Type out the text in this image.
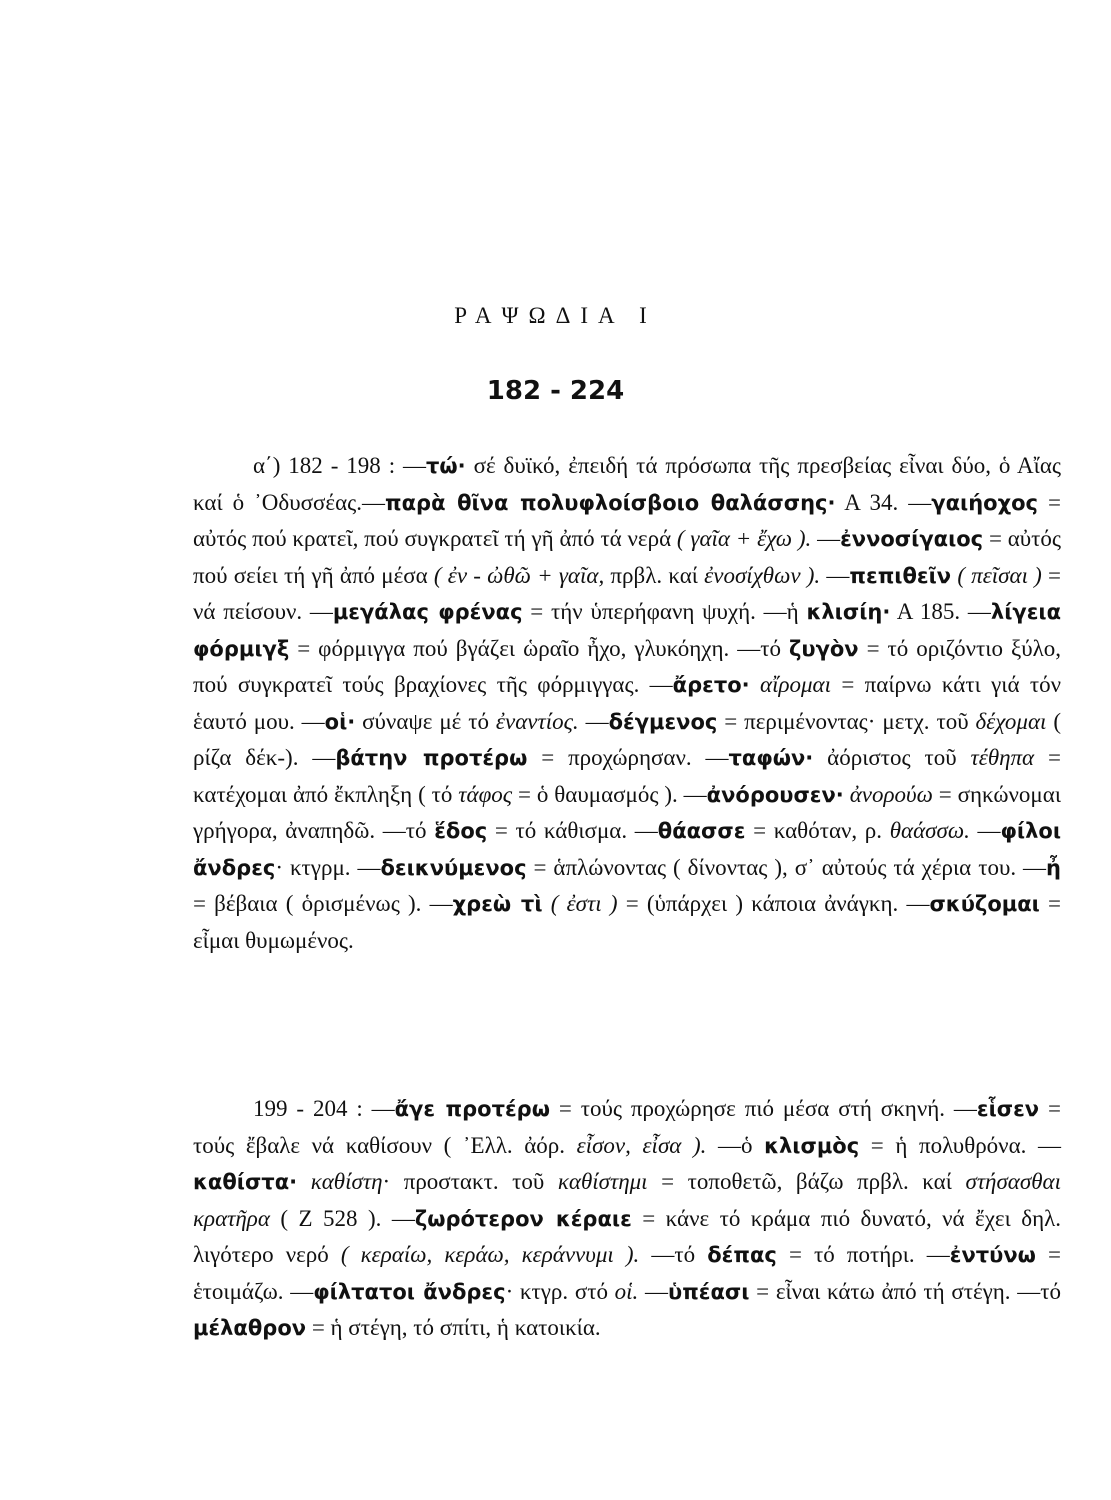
ΡΑΨΩΔΙΑ Ι
182 - 224
α΄) 182 - 198 : —τώ· σέ δυϊκό, ἐπειδή τά πρόσωπα τῆς πρεσβείας εἶναι δύο, ὁ Αἴας καί ὁ ᾿Οδυσσέας.—παρὰ θῖνα πολυφλοίσβοιο θαλάσσης· Α 34. —γαιήοχος = αὐτός πού κρατεῖ, πού συγκρατεῖ τή γῆ ἀπό τά νερά ( γαῖα + ἔχω ). —ἐννοσίγαιος = αὐτός πού σείει τή γῆ ἀπό μέσα ( ἐν - ὠθῶ + γαῖα, πρβλ. καί ἐνοσίχθων ). —πεπιθεῖν ( πεῖσαι ) = νά πείσουν. —μεγάλας φρένας = τήν ὑπερήφανη ψυχή. —ἡ κλισίη· Α 185. —λίγεια φόρμιγξ = φόρμιγγα πού βγάζει ὡραῖο ἦχο, γλυκόηχη. —τό ζυγὸν = τό οριζόντιο ξύλο, πού συγκρατεῖ τούς βραχίονες τῆς φόρμιγγας. —ἄρετο· αἴρομαι = παίρνω κάτι γιά τόν ἑαυτό μου. —οἱ· σύναψε μέ τό ἐναντίος. —δέγμενος = περιμένοντας· μετχ. τοῦ δέχομαι ( ρίζα δέκ-). —βάτην προτέρω = προχώρησαν. —ταφών· ἀόριστος τοῦ τέθηπα = κατέχομαι ἀπό ἔκπληξη ( τό τάφος = ὁ θαυμασμός ). —ἀνόρουσεν· ἀνορούω = σηκώνομαι γρήγορα, ἀναπηδῶ. —τό ἕδος = τό κάθισμα. —θάασσε = καθόταν, ρ. θαάσσω. —φίλοι ἄνδρες· κτγρμ. —δεικνύμενος = ἁπλώνοντας ( δίνοντας ), σ᾿ αὐτούς τά χέρια του. —ἦ = βέβαια ( ὁρισμένως ). —χρεὼ τὶ ( ἐστι ) = (ὑπάρχει ) κάποια ἀνάγκη. —σκύζομαι = εἶμαι θυμωμένος.
199 - 204 : —ἄγε προτέρω = τούς προχώρησε πιό μέσα στή σκηνή. —εἷσεν = τούς ἔβαλε νά καθίσουν ( ᾿Ελλ. ἀόρ. εἶσον, εἶσα ). —ὁ κλισμὸς = ἡ πολυθρόνα. —καθίστα· καθίστη· προστακτ. τοῦ καθίστημι = τοποθετῶ, βάζω πρβλ. καί στήσασθαι κρατῆρα ( Ζ 528 ). —ζωρότερον κέραιε = κάνε τό κράμα πιό δυνατό, νά ἔχει δηλ. λιγότερο νερό ( κεραίω, κεράω, κεράννυμι ). —τό δέπας = τό ποτήρι. —ἐντύνω = ἑτοιμάζω. —φίλτατοι ἄνδρες· κτγρ. στό οἱ. —ὑπέασι = εἶναι κάτω ἀπό τή στέγη. —τό μέλαθρον = ἡ στέγη, τό σπίτι, ἡ κατοικία.
